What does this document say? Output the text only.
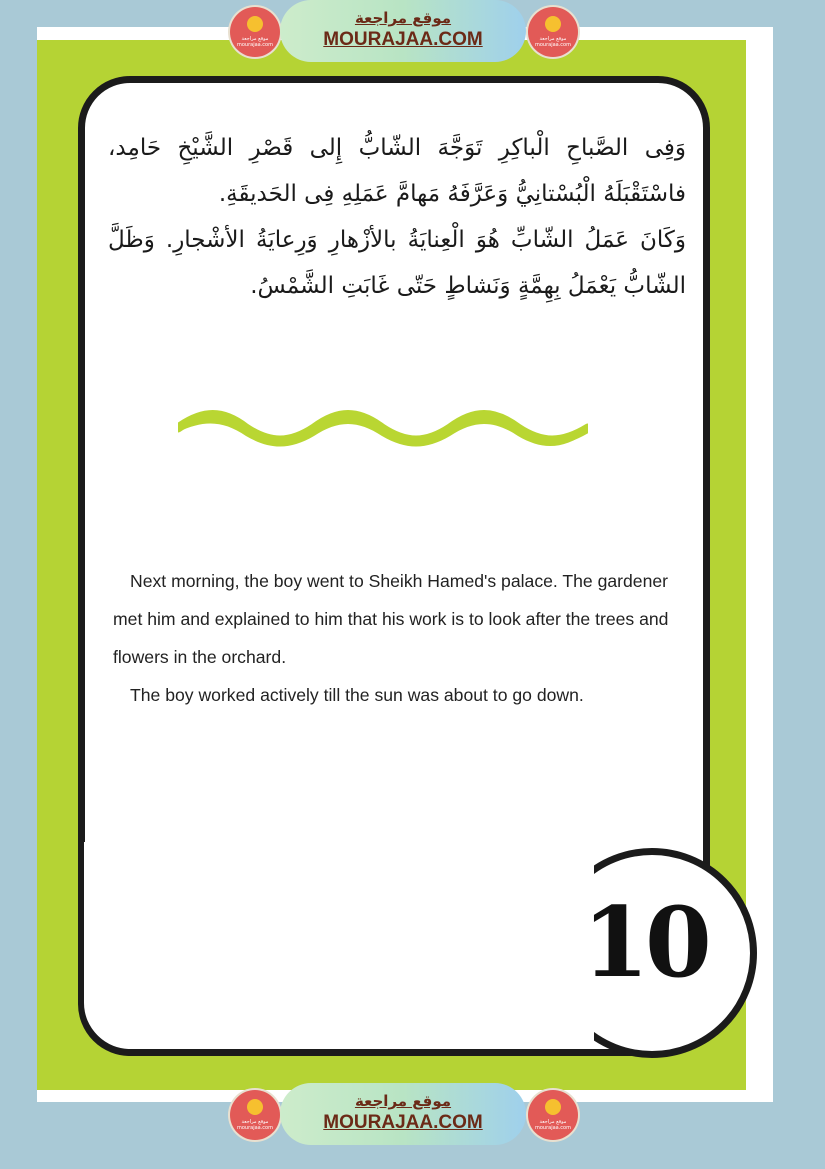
10

وَفِى الصَّباحِ الْباكِرِ تَوَجَّهَ الشّابُّ إِلى قَصْرِ الشَّيْخِ حَامِد، فاسْتَقْبَلَهُ الْبُسْتانِيُّ وَعَرَّفَهُ مَهامَّ عَمَلِهِ فِى الحَديقَةِ.

وَكَانَ عَمَلُ الشّابِّ هُوَ الْعِنايَةُ بالأزْهارِ وَرِعايَةُ الأشْجارِ. وَظَلَّ الشّابُّ يَعْمَلُ بِهِمَّةٍ وَنَشاطٍ حَتّى غَابَتِ الشَّمْسُ.

Next morning, the boy went to Sheikh Hamed's palace. The gardener met him and explained to him that his work is to look after the trees and flowers in the orchard.

The boy worked actively till the sun was about to go down.

موقع مراجعة mourajaa.com
موقع مراجعة
MOURAJAA.COM	موقع مراجعة mourajaa.com
موقع مراجعة mourajaa.com
موقع مراجعة
MOURAJAA.COM	موقع مراجعة mourajaa.com
